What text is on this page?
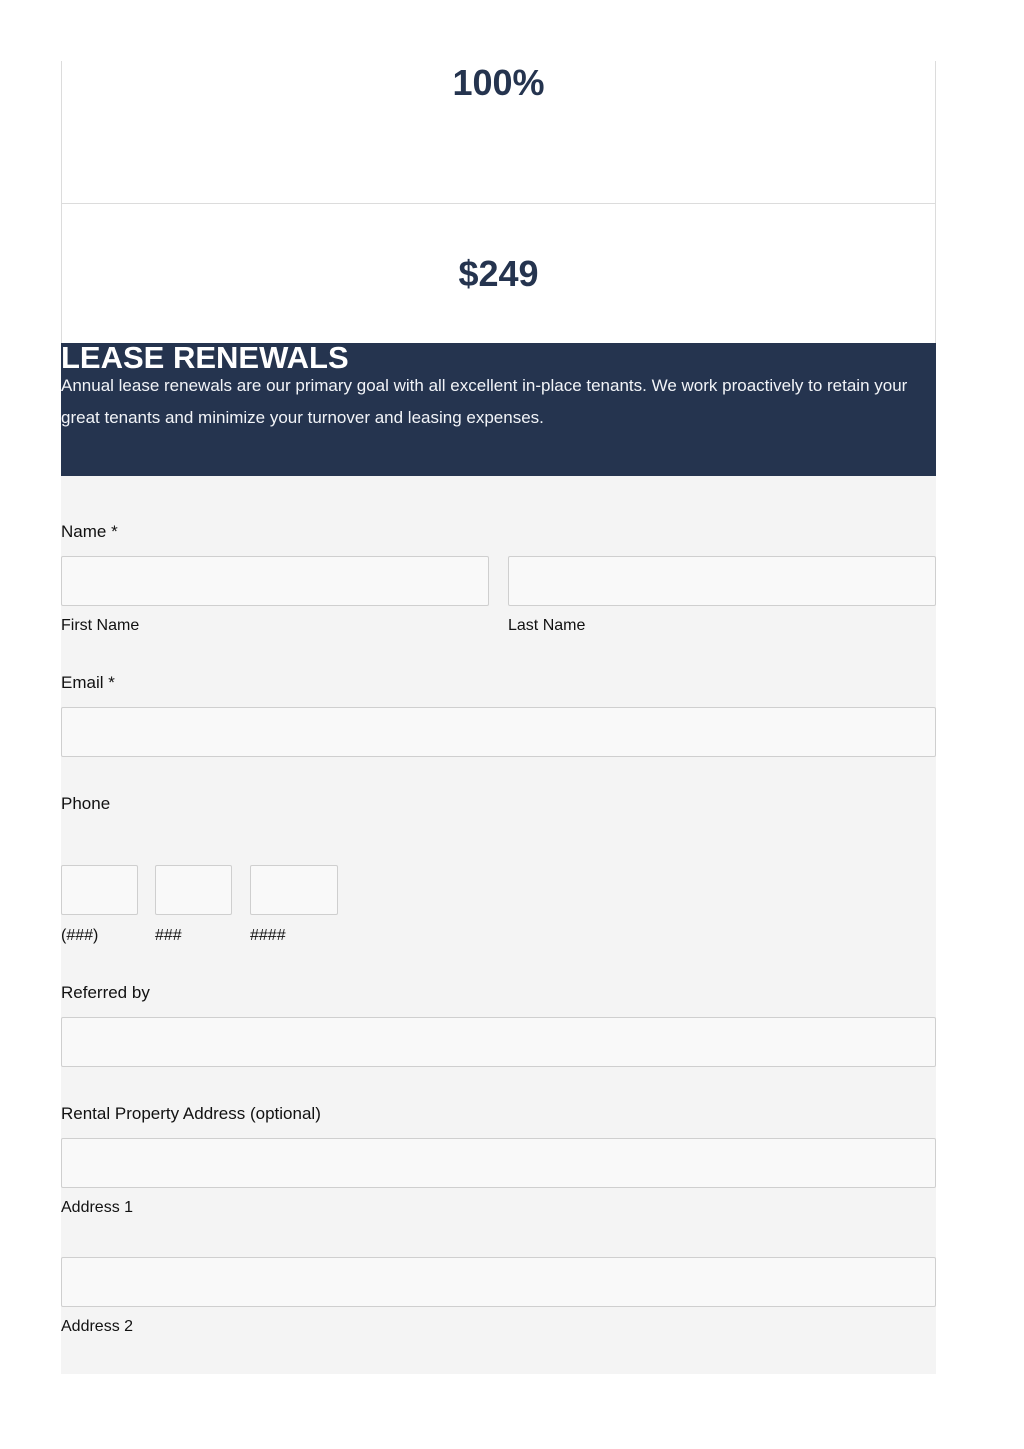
100%
$249
LEASE RENEWALS

Annual lease renewals are our primary goal with all excellent in-place tenants. We work proactively to retain your great tenants and minimize your turnover and leasing expenses.

Name *
First Name	Last Name
Email *
Phone
(###)	###	####
Referred by
Rental Property Address (optional)
Address 1
Address 2
